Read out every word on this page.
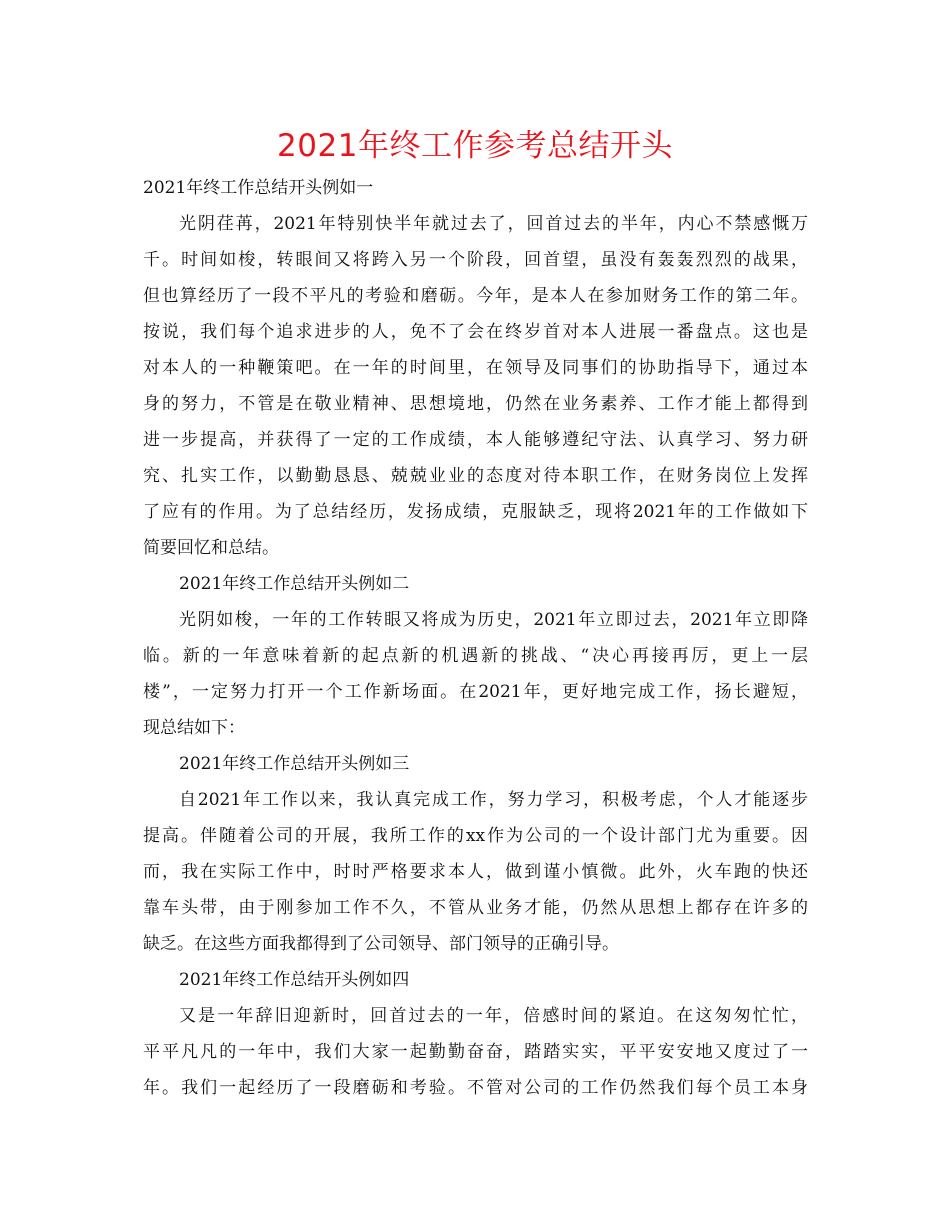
2021年终工作参考总结开头
2021年终工作总结开头例如一
光阴荏苒，2021年特别快半年就过去了，回首过去的半年，内心不禁感慨万
千。时间如梭，转眼间又将跨入另一个阶段，回首望，虽没有轰轰烈烈的战果，
但也算经历了一段不平凡的考验和磨砺。今年，是本人在参加财务工作的第二年。
按说，我们每个追求进步的人，免不了会在终岁首对本人进展一番盘点。这也是
对本人的一种鞭策吧。在一年的时间里，在领导及同事们的协助指导下，通过本
身的努力，不管是在敬业精神、思想境地，仍然在业务素养、工作才能上都得到
进一步提高，并获得了一定的工作成绩，本人能够遵纪守法、认真学习、努力研
究、扎实工作，以勤勤恳恳、兢兢业业的态度对待本职工作，在财务岗位上发挥
了应有的作用。为了总结经历，发扬成绩，克服缺乏，现将2021年的工作做如下
简要回忆和总结。
2021年终工作总结开头例如二
光阴如梭，一年的工作转眼又将成为历史，2021年立即过去，2021年立即降
临。新的一年意味着新的起点新的机遇新的挑战、“决心再接再厉，更上一层
楼”，一定努力打开一个工作新场面。在2021年，更好地完成工作，扬长避短，
现总结如下：
2021年终工作总结开头例如三
自2021年工作以来，我认真完成工作，努力学习，积极考虑，个人才能逐步
提高。伴随着公司的开展，我所工作的xx作为公司的一个设计部门尤为重要。因
而，我在实际工作中，时时严格要求本人，做到谨小慎微。此外，火车跑的快还
靠车头带，由于刚参加工作不久，不管从业务才能，仍然从思想上都存在许多的
缺乏。在这些方面我都得到了公司领导、部门领导的正确引导。
2021年终工作总结开头例如四
又是一年辞旧迎新时，回首过去的一年，倍感时间的紧迫。在这匆匆忙忙，
平平凡凡的一年中，我们大家一起勤勤奋奋，踏踏实实，平平安安地又度过了一
年。我们一起经历了一段磨砺和考验。不管对公司的工作仍然我们每个员工本身
